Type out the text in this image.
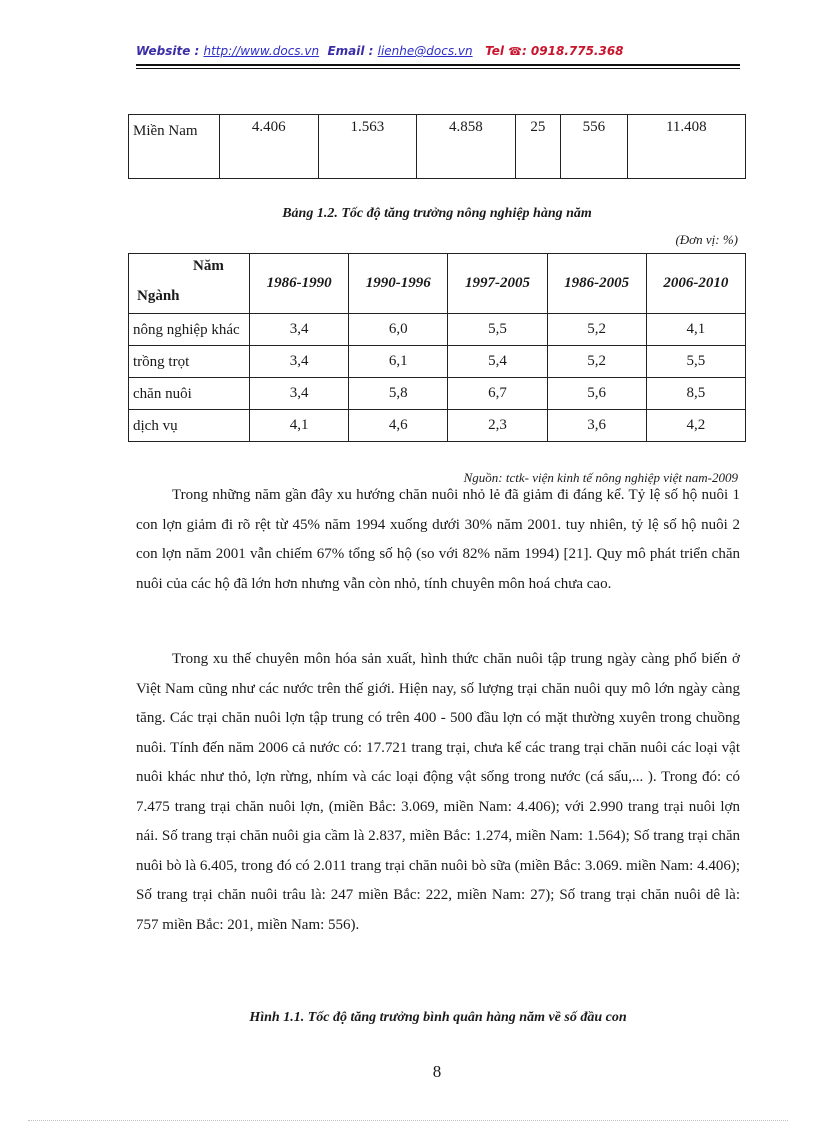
Website : http://www.docs.vn Email : lienhe@docs.vn Tel ☎: 0918.775.368
Miền Nam	4.406	1.563	4.858	25	556	11.408
Bảng 1.2. Tốc độ tăng trưởng nông nghiệp hàng năm
(Đơn vị: %)
Năm
Ngành	1986-1990	1990-1996	1997-2005	1986-2005	2006-2010
nông nghiệp khác	3,4	6,0	5,5	5,2	4,1
trồng trọt	3,4	6,1	5,4	5,2	5,5
chăn nuôi	3,4	5,8	6,7	5,6	8,5
dịch vụ	4,1	4,6	2,3	3,6	4,2
Nguồn: tctk- viện kinh tế nông nghiệp việt nam-2009

Trong những năm gần đây xu hướng chăn nuôi nhỏ lẻ đã giảm đi đáng kể. Tỷ lệ số hộ nuôi 1 con lợn giảm đi rõ rệt từ 45% năm 1994 xuống dưới 30% năm 2001. tuy nhiên, tỷ lệ số hộ nuôi 2 con lợn năm 2001 vẫn chiếm 67% tổng số hộ (so với 82% năm 1994) [21]. Quy mô phát triển chăn nuôi của các hộ đã lớn hơn nhưng vẫn còn nhỏ, tính chuyên môn hoá chưa cao.

Trong xu thế chuyên môn hóa sản xuất, hình thức chăn nuôi tập trung ngày càng phổ biến ở Việt Nam cũng như các nước trên thế giới. Hiện nay, số lượng trại chăn nuôi quy mô lớn ngày càng tăng. Các trại chăn nuôi lợn tập trung có trên 400 - 500 đầu lợn có mặt thường xuyên trong chuồng nuôi. Tính đến năm 2006 cả nước có: 17.721 trang trại, chưa kể các trang trại chăn nuôi các loại vật nuôi khác như thỏ, lợn rừng, nhím và các loại động vật sống trong nước (cá sấu,... ). Trong đó: có 7.475 trang trại chăn nuôi lợn, (miền Bắc: 3.069, miền Nam: 4.406); với 2.990 trang trại nuôi lợn nái. Số trang trại chăn nuôi gia cầm là 2.837, miền Bắc: 1.274, miền Nam: 1.564); Số trang trại chăn nuôi bò là 6.405, trong đó có 2.011 trang trại chăn nuôi bò sữa (miền Bắc: 3.069. miền Nam: 4.406); Số trang trại chăn nuôi trâu là: 247 miền Bắc: 222, miền Nam: 27); Số trang trại chăn nuôi dê là: 757 miền Bắc: 201, miền Nam: 556).

Hình 1.1. Tốc độ tăng trưởng bình quân hàng năm về số đầu con
8
